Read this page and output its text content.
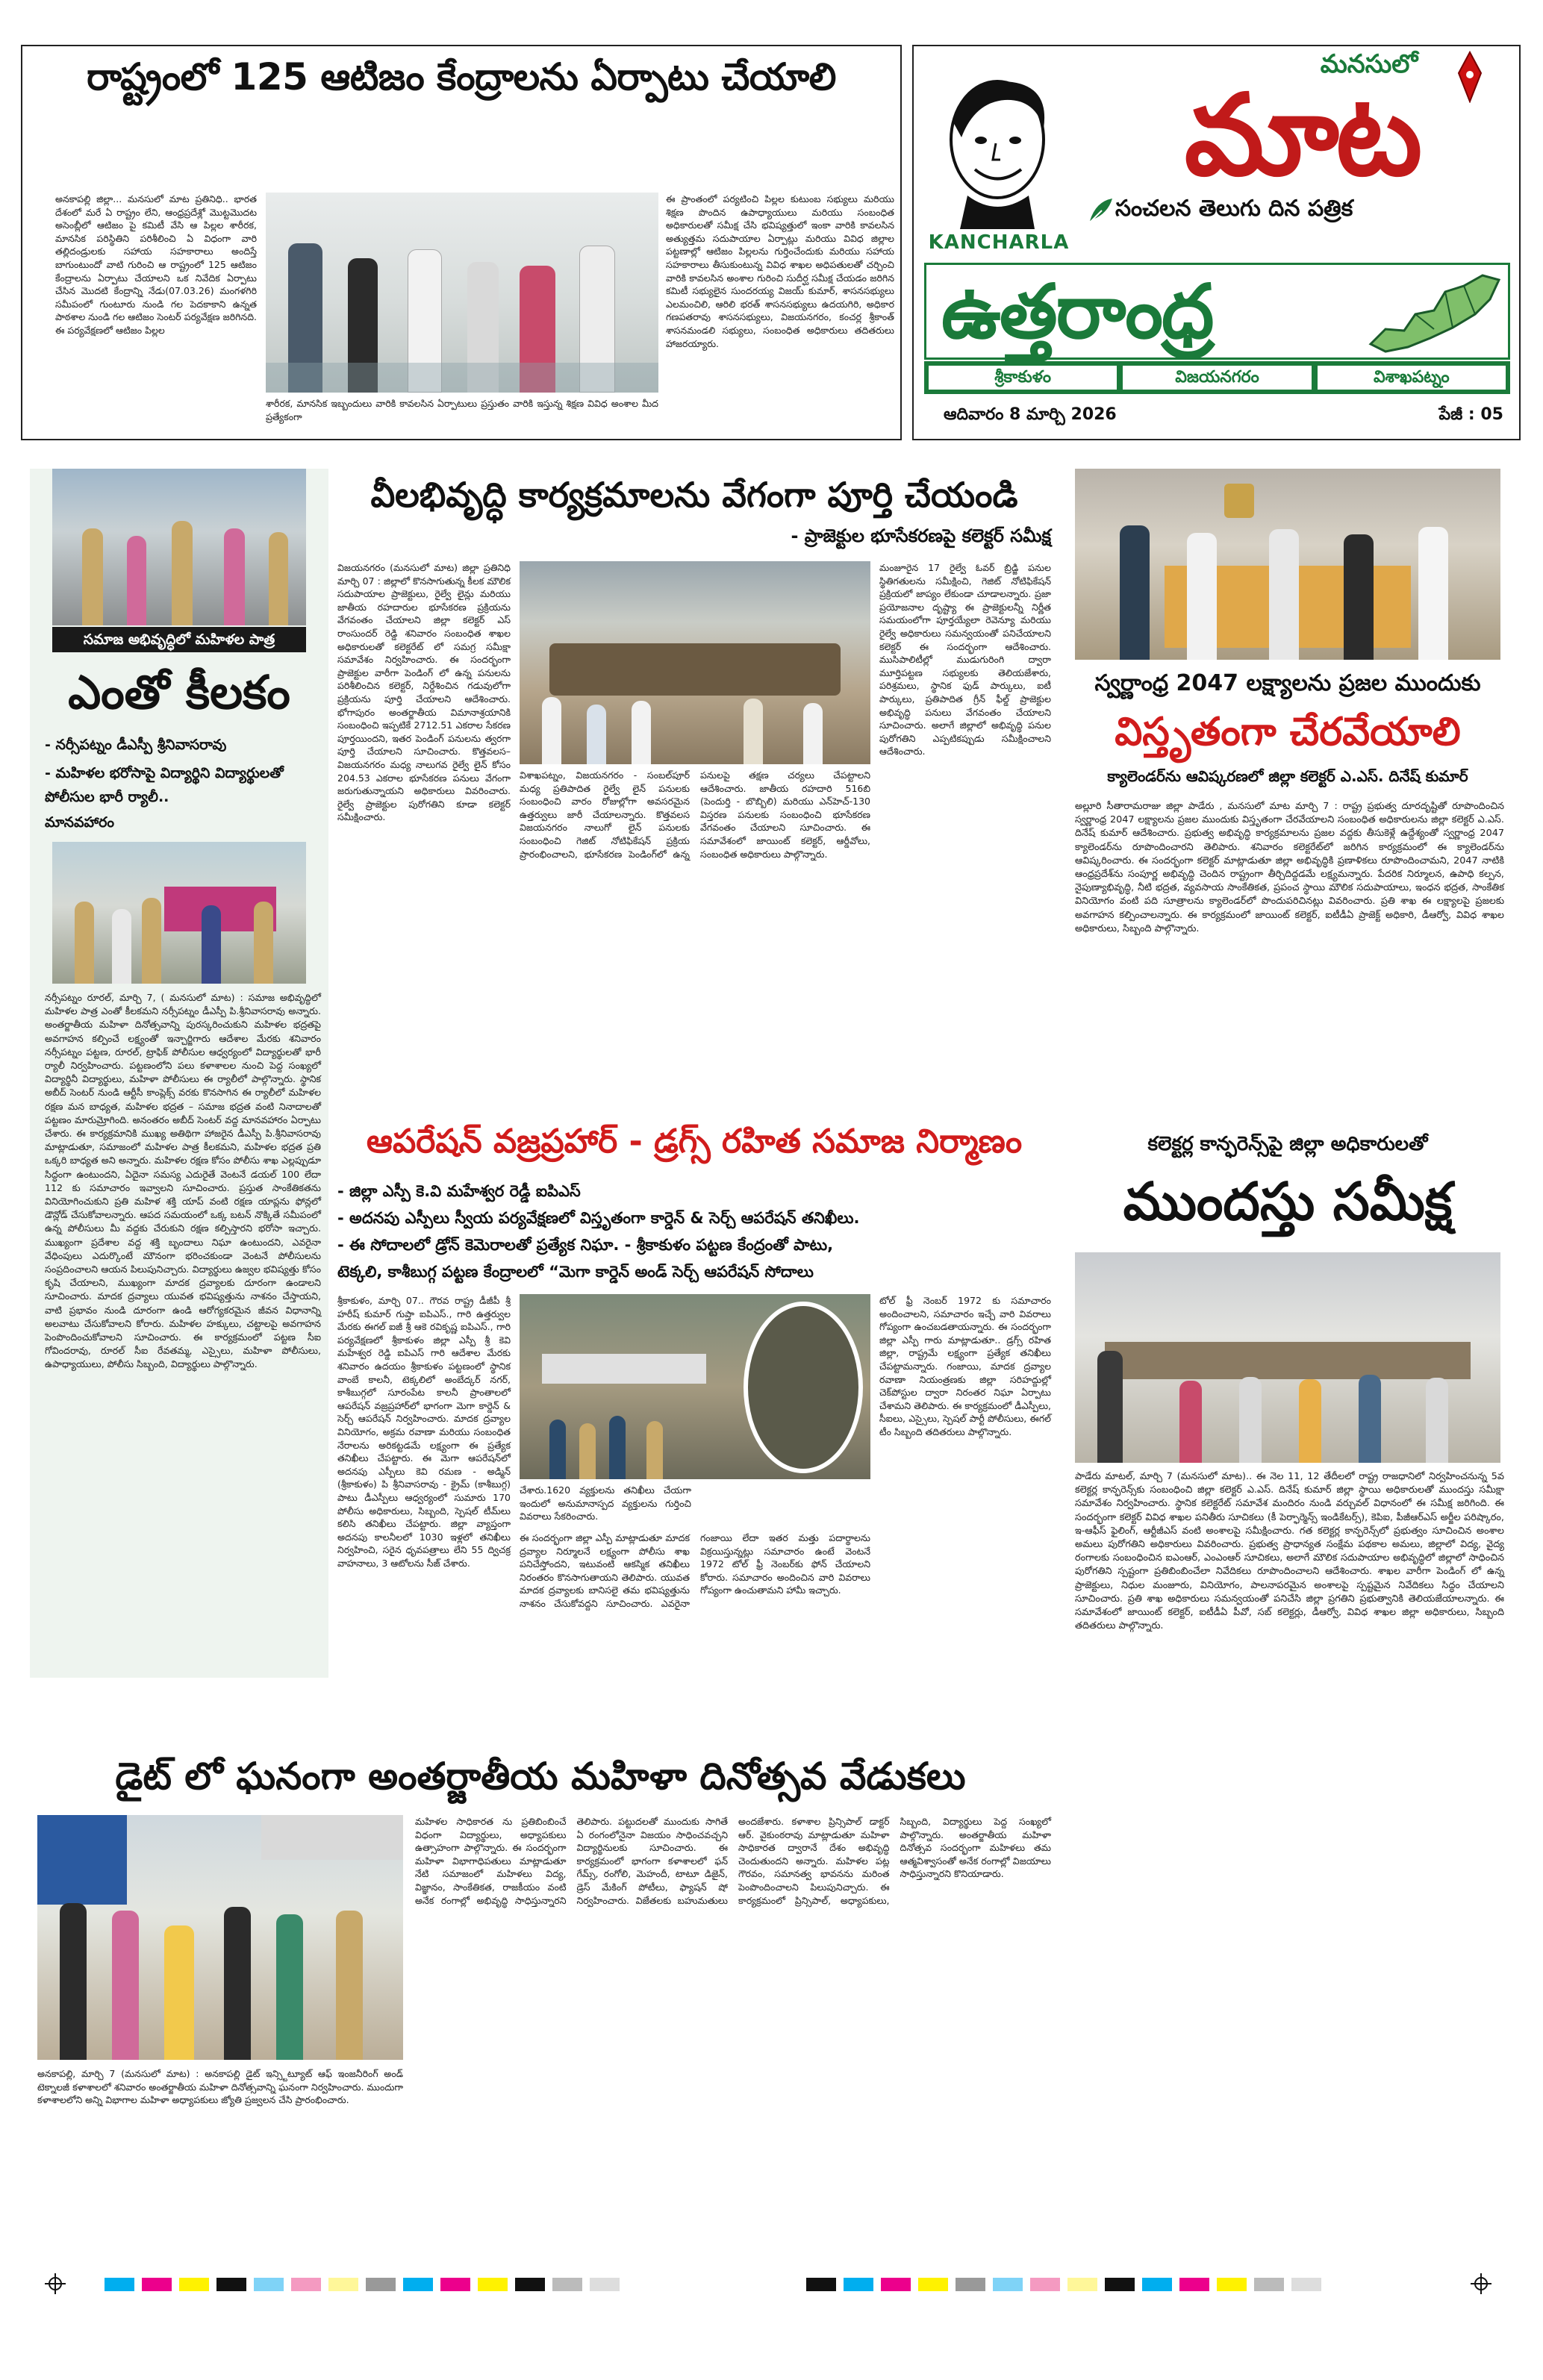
రాష్ట్రంలో 125 ఆటిజం కేంద్రాలను ఏర్పాటు చేయాలి
అనకాపల్లి జిల్లా... మనసులో మాట ప్రతినిధి.. భారత దేశంలో మరే ఏ రాష్ట్రం లేని, ఆంధ్రప్రదేశ్లో మొట్టమొదట అసెంబ్లీలో ఆటిజం పై కమిటీ వేసి ఆ పిల్లల శారీరక, మానసిక పరిస్థితిని పరిశీలించి ఏ విధంగా వారి తల్లిదండ్రులకు సహాయ సహకారాలు అందిస్తే బాగుంటుందో వాటి గురించి ఆ రాష్ట్రంలో 125 ఆటిజం కేంద్రాలను ఏర్పాటు చేయాలని ఒక నివేదిక ఏర్పాటు చేసిన మొదటి కేంద్రాన్ని నేడు(07.03.26) మంగళగిరి సమీపంలో గుంటూరు నుండి గల పెదకాకాని ఉన్నత పాఠశాల నుండి గల ఆటిజం సెంటర్ పర్యవేక్షణ జరిగినది. ఈ పర్యవేక్షణలో ఆటిజం పిల్లల
శారీరక, మానసిక ఇబ్బందులు వారికి కావలసిన ఏర్పాటులు ప్రస్తుతం వారికి ఇస్తున్న శిక్షణ వివిధ అంశాల మీద ప్రత్యేకంగా
ఈ ప్రాంతంలో పర్యటించి పిల్లల కుటుంబ సభ్యులు మరియు శిక్షణ పొందిన ఉపాధ్యాయులు మరియు సంబంధిత అధికారులతో సమీక్ష చేసి భవిష్యత్తులో ఇంకా వారికి కావలసిన అత్యుత్తమ సదుపాయాల ఏర్పాట్లు మరియు వివిధ జిల్లాల పట్టణాల్లో ఆటిజం పిల్లలను గుర్తించేందుకు మరియు సహాయ సహకారాలు తీసుకుంటున్న వివిధ శాఖల అధిపతులతో చర్చించి వారికి కావలసిన అంశాల గురించి సుదీర్ఘ సమీక్ష చేయడం జరిగిన కమిటీ సభ్యులైన సుందరయ్య విజయ్ కుమార్, శాసనసభ్యులు ఎలమంచిలి, ఆరిలి భరత్ శాసనసభ్యులు ఉదయగిరి, అధికార గణపతరావు శాసనసభ్యులు, విజయనగరం, కంచర్ల శ్రీకాంత్ శాసనమండలి సభ్యులు, సంబంధిత అధికారులు తదితరులు హాజరయ్యారు.
KANCHARLA
మనసులో
మాట
సంచలన తెలుగు దిన పత్రిక
ఉత్తరాంధ్ర
శ్రీకాకుళం	విజయనగరం	విశాఖపట్నం
ఆదివారం 8 మార్చి 2026	పేజీ : 05
సమాజ అభివృద్ధిలో మహిళల పాత్ర
ఎంతో కీలకం
- నర్సీపట్నం డీఎస్పీ శ్రీనివాసరావు
- మహిళల భరోసాపై విద్యార్థిని విద్యార్థులతో పోలీసుల భారీ ర్యాలీ..
మానవహారం
నర్సీపట్నం రూరల్, మార్చి 7, ( మనసులో మాట) : సమాజ అభివృద్ధిలో మహిళల పాత్ర ఎంతో కీలకమని నర్సీపట్నం డీఎస్పీ పి.శ్రీనివాసరావు అన్నారు. అంతర్జాతీయ మహిళా దినోత్సవాన్ని పురస్కరించుకుని మహిళల భద్రతపై అవగాహన కల్పించే లక్ష్యంతో ఇన్చార్జిగారు ఆదేశాల మేరకు శనివారం నర్సీపట్నం పట్టణ, రూరల్, ట్రాఫిక్ పోలీసుల ఆధ్వర్యంలో విద్యార్థులతో భారీ ర్యాలీ నిర్వహించారు. పట్టణంలోని పలు కళాశాలల నుంచి పెద్ద సంఖ్యలో విద్యార్థినీ విద్యార్థులు, మహిళా పోలీసులు ఈ ర్యాలీలో పాల్గొన్నారు. స్థానిక అబీద్ సెంటర్ నుండి ఆర్టీసీ కాంప్లెక్స్ వరకు కొనసాగిన ఈ ర్యాలీలో మహిళల రక్షణ మన బాధ్యత, మహిళల భద్రత – సమాజ భద్రత వంటి నినాదాలతో పట్టణం మారుమ్రోగింది. అనంతరం అబీద్ సెంటర్ వద్ద మానవహారం ఏర్పాటు చేశారు. ఈ కార్యక్రమానికి ముఖ్య అతిథిగా హాజరైన డీఎస్పీ పి.శ్రీనివాసరావు మాట్లాడుతూ, సమాజంలో మహిళల పాత్ర కీలకమని, మహిళల భద్రత ప్రతి ఒక్కరి బాధ్యత అని అన్నారు. మహిళల రక్షణ కోసం పోలీసు శాఖ ఎల్లప్పుడూ సిద్ధంగా ఉంటుందని, ఏదైనా సమస్య ఎదురైతే వెంటనే డయల్ 100 లేదా 112 కు సమాచారం ఇవ్వాలని సూచించారు. ప్రస్తుత సాంకేతికతను వినియోగించుకుని ప్రతి మహిళ శక్తి యాప్ వంటి రక్షణ యాప్లను ఫోన్లలో డౌన్లోడ్ చేసుకోవాలన్నారు. ఆపద సమయంలో ఒక్క బటన్ నొక్కితే సమీపంలో ఉన్న పోలీసులు మీ వద్దకు చేరుకుని రక్షణ కల్పిస్తారని భరోసా ఇచ్చారు. ముఖ్యంగా ప్రదేశాల వద్ద శక్తి బృందాలు నిఘా ఉంటుందని, ఎవరైనా వేధింపులు ఎదుర్కొంటే మౌనంగా భరించకుండా వెంటనే పోలీసులను సంప్రదించాలని ఆయన పిలుపునిచ్చారు. విద్యార్థులు ఉజ్వల భవిష్యత్తు కోసం కృషి చేయాలని, ముఖ్యంగా మాదక ద్రవ్యాలకు దూరంగా ఉండాలని సూచించారు. మాదక ద్రవ్యాలు యువత భవిష్యత్తును నాశనం చేస్తాయని, వాటి ప్రభావం నుండి దూరంగా ఉండి ఆరోగ్యకరమైన జీవన విధానాన్ని అలవాటు చేసుకోవాలని కోరారు. మహిళల హక్కులు, చట్టాలపై అవగాహన పెంపొందించుకోవాలని సూచించారు. ఈ కార్యక్రమంలో పట్టణ సీఐ గోవిందరావు, రూరల్ సీఐ రేవతమ్మ, ఎస్సైలు, మహిళా పోలీసులు, ఉపాధ్యాయులు, పోలీసు సిబ్బంది, విద్యార్థులు పాల్గొన్నారు.
వీలభివృద్ధి కార్యక్రమాలను వేగంగా పూర్తి చేయండి
- ప్రాజెక్టుల భూసేకరణపై కలెక్టర్ సమీక్ష
విజయనగరం (మనసులో మాట) జిల్లా ప్రతినిధి మార్చి 07 : జిల్లాలో కొనసాగుతున్న కీలక మౌలిక సదుపాయాల ప్రాజెక్టులు, రైల్వే లైన్లు మరియు జాతీయ రహదారుల భూసేకరణ ప్రక్రియను వేగవంతం చేయాలని జిల్లా కలెక్టర్ ఎస్ రాంసుందర్ రెడ్డి శనివారం సంబంధిత శాఖల అధికారులతో కలెక్టరేట్ లో సమగ్ర సమీక్షా సమావేశం నిర్వహించారు. ఈ సందర్భంగా ప్రాజెక్టుల వారీగా పెండింగ్ లో ఉన్న పనులను పరిశీలించిన కలెక్టర్, నిర్దేశించిన గడువులోగా ప్రక్రియను పూర్తి చేయాలని ఆదేశించారు. భోగాపురం అంతర్జాతీయ విమానాశ్రయానికి సంబంధించి ఇప్పటికే 2712.51 ఎకరాల సేకరణ పూర్తయిందని, ఇతర పెండింగ్ పనులను త్వరగా పూర్తి చేయాలని సూచించారు. కొత్తవలస–విజయనగరం మధ్య నాలుగవ రైల్వే లైన్ కోసం 204.53 ఎకరాల భూసేకరణ పనులు వేగంగా జరుగుతున్నాయని అధికారులు వివరించారు. రైల్వే ప్రాజెక్టుల పురోగతిని కూడా కలెక్టర్ సమీక్షించారు.
విశాఖపట్నం, విజయనగరం - సంబల్‌పూర్ మధ్య ప్రతిపాదిత రైల్వే లైన్ పనులకు సంబంధించి వారం రోజుల్లోగా అవసరమైన ఉత్తర్వులు జారీ చేయాలన్నారు. కొత్తవలస విజయనగరం నాలుగో లైన్ పనులకు సంబంధించి గెజిట్ నోటిఫికేషన్ ప్రక్రియ ప్రారంభించాలని, భూసేకరణ పెండింగ్‌లో ఉన్న పనులపై తక్షణ చర్యలు చేపట్టాలని ఆదేశించారు. జాతీయ రహదారి 516బి (పెందుర్తి - బొబ్బిలి) మరియు ఎన్‌హెచ్-130 విస్తరణ పనులకు సంబంధించి భూసేకరణ వేగవంతం చేయాలని సూచించారు. ఈ సమావేశంలో జాయింట్ కలెక్టర్, ఆర్డీవోలు, సంబంధిత అధికారులు పాల్గొన్నారు.
మంజూరైన 17 రైల్వే ఓవర్ బ్రిడ్జి పనుల స్థితిగతులను సమీక్షించి, గెజిట్ నోటిఫికేషన్ ప్రక్రియలో జాప్యం లేకుండా చూడాలన్నారు. ప్రజా ప్రయోజనాల దృష్ట్యా ఈ ప్రాజెక్టులన్నీ నిర్ణీత సమయంలోగా పూర్తయ్యేలా రెవెన్యూ మరియు రైల్వే అధికారులు సమన్వయంతో పనిచేయాలని కలెక్టర్ ఈ సందర్భంగా ఆదేశించారు. ముసిపాలిటీల్లో ముడుగురింగి ద్వారా మూర్తిపట్టణ సభ్యులకు తెలియజేశారు, పరిశ్రమలు, స్థానిక ఫుడ్ పార్కులు, ఐటీ పార్కులు, ప్రతిపాదిత గ్రీన్ ఫీల్డ్ ప్రాజెక్టుల అభివృద్ధి పనులు వేగవంతం చేయాలని సూచించారు. అలాగే జిల్లాలో అభివృద్ధి పనుల పురోగతిని ఎప్పటికప్పుడు సమీక్షించాలని ఆదేశించారు.
స్వర్ణాంధ్ర 2047 లక్ష్యాలను ప్రజల ముందుకు
విస్తృతంగా చేరవేయాలి
క్యాలెండర్‌ను ఆవిష్కరణలో జిల్లా కలెక్టర్ ఎ.ఎస్. దినేష్ కుమార్
అల్లూరి సీతారామరాజు జిల్లా పాడేరు , మనసులో మాట మార్చి 7 : రాష్ట్ర ప్రభుత్వ దూరదృష్టితో రూపొందించిన స్వర్ణాంధ్ర 2047 లక్ష్యాలను ప్రజల ముందుకు విస్తృతంగా చేరవేయాలని సంబంధిత అధికారులను జిల్లా కలెక్టర్ ఎ.ఎస్. దినేష్ కుమార్ ఆదేశించారు. ప్రభుత్వ అభివృద్ధి కార్యక్రమాలను ప్రజల వద్దకు తీసుకెళ్లే ఉద్దేశ్యంతో స్వర్ణాంధ్ర 2047 క్యాలెండర్‌ను రూపొందించారని తెలిపారు. శనివారం కలెక్టరేట్‌లో జరిగిన కార్యక్రమంలో ఈ క్యాలెండర్‌ను ఆవిష్కరించారు. ఈ సందర్భంగా కలెక్టర్ మాట్లాడుతూ జిల్లా అభివృద్ధికి ప్రణాళికలు రూపొందించామని, 2047 నాటికి ఆంధ్రప్రదేశ్‌ను సంపూర్ణ అభివృద్ధి చెందిన రాష్ట్రంగా తీర్చిదిద్దడమే లక్ష్యమన్నారు. పేదరిక నిర్మూలన, ఉపాధి కల్పన, నైపుణ్యాభివృద్ధి, నీటి భద్రత, వ్యవసాయ సాంకేతికత, ప్రపంచ స్థాయి మౌలిక సదుపాయాలు, ఇంధన భద్రత, సాంకేతిక వినియోగం వంటి పది సూత్రాలను క్యాలెండర్‌లో పొందుపరిచినట్లు వివరించారు. ప్రతి శాఖ ఈ లక్ష్యాలపై ప్రజలకు అవగాహన కల్పించాలన్నారు. ఈ కార్యక్రమంలో జాయింట్ కలెక్టర్, ఐటీడీఏ ప్రాజెక్ట్ అధికారి, డీఆర్వో, వివిధ శాఖల అధికారులు, సిబ్బంది పాల్గొన్నారు.
ఆపరేషన్ వజ్రప్రహార్ - డ్రగ్స్ రహిత సమాజ నిర్మాణం
- జిల్లా ఎస్పీ కె.వి మహేశ్వర రెడ్డీ ఐపిఎస్
- అదనపు ఎస్పీలు స్వీయ పర్యవేక్షణలో విస్తృతంగా కార్డెన్ & సెర్చ్ ఆపరేషన్ తనిఖీలు.
- ఈ సోదాలలో డ్రోన్ కెమెరాలతో ప్రత్యేక నిఘా. - శ్రీకాకుళం పట్టణ కేంద్రంతో పాటు,
టెక్కలి, కాశీబుగ్గ పట్టణ కేంద్రాలలో “మెగా కార్డెన్ అండ్ సెర్చ్ ఆపరేషన్ సోదాలు
శ్రీకాకుళం, మార్చి 07.. గౌరవ రాష్ట్ర డీజీపీ శ్రీ హరీష్ కుమార్ గుప్తా ఐపిఎస్., గారి ఉత్తర్వుల మేరకు ఈగల్ ఐజీ శ్రీ ఆకె రవికృష్ణ ఐపిఎస్., గారి పర్యవేక్షణలో శ్రీకాకుళం జిల్లా ఎస్పీ శ్రీ కెవి మహేశ్వర రెడ్డి ఐపిఎస్ గారి ఆదేశాల మేరకు శనివారం ఉదయం శ్రీకాకుళం పట్టణంలో స్థానిక వాంబే కాలనీ, టెక్కలిలో అంబేద్కర్ నగర్, కాశీబుగ్గలో సూరంపేట కాలనీ ప్రాంతాలలో ఆపరేషన్ వజ్రప్రహార్‌లో భాగంగా మెగా కార్డెన్ & సెర్చ్ ఆపరేషన్ నిర్వహించారు. మాదక ద్రవ్యాల వినియోగం, అక్రమ రవాణా మరియు సంబంధిత నేరాలను అరికట్టడమే లక్ష్యంగా ఈ ప్రత్యేక తనిఖీలు చేపట్టారు. ఈ మెగా ఆపరేషన్‌లో అదనపు ఎస్పీలు కెవి రమణ - అడ్మిన్ (శ్రీకాకుళం) పి శ్రీనివాసరావు - క్రైమ్ (కాశీబుగ్గ) పాటు డీఎస్పీలు ఆధ్వర్యంలో సుమారు 170 పోలీసు అధికారులు, సిబ్బంది, స్పెషల్ టీమ్‌లు కలిసి తనిఖీలు చేపట్టారు. జిల్లా వ్యాప్తంగా అదనపు కాలనీలలో 1030 ఇళ్లలో తనిఖీలు నిర్వహించి, సరైన ధృవపత్రాలు లేని 55 ద్విచక్ర వాహనాలు, 3 ఆటోలను సీజ్ చేశారు.
చేశారు.1620 వ్యక్తులను తనిఖీలు చేయగా ఇందులో అనుమానాస్పద వ్యక్తులను గుర్తించి వివరాలు సేకరించారు.
ఈ సందర్భంగా జిల్లా ఎస్పీ మాట్లాడుతూ మాదక ద్రవ్యాల నిర్మూలనే లక్ష్యంగా పోలీసు శాఖ పనిచేస్తోందని, ఇటువంటి ఆకస్మిక తనిఖీలు నిరంతరం కొనసాగుతాయని తెలిపారు. యువత మాదక ద్రవ్యాలకు బానిసలై తమ భవిష్యత్తును నాశనం చేసుకోవద్దని సూచించారు. ఎవరైనా గంజాయి లేదా ఇతర మత్తు పదార్థాలను విక్రయిస్తున్నట్లు సమాచారం ఉంటే వెంటనే 1972 టోల్ ఫ్రీ నెంబర్‌కు ఫోన్ చేయాలని కోరారు. సమాచారం అందించిన వారి వివరాలు గోప్యంగా ఉంచుతామని హామీ ఇచ్చారు.
టోల్ ఫ్రీ నెంబర్ 1972 కు సమాచారం అందించాలని, సమాచారం ఇచ్చే వారి వివరాలు గోప్యంగా ఉంచబడతాయన్నారు. ఈ సందర్భంగా జిల్లా ఎస్పీ గారు మాట్లాడుతూ.. డ్రగ్స్ రహిత జిల్లా, రాష్ట్రమే లక్ష్యంగా ప్రత్యేక తనిఖీలు చేపట్టామన్నారు. గంజాయి, మాదక ద్రవ్యాల రవాణా నియంత్రణకు జిల్లా సరిహద్దుల్లో చెక్‌పోస్టుల ద్వారా నిరంతర నిఘా ఏర్పాటు చేశామని తెలిపారు. ఈ కార్యక్రమంలో డీఎస్పీలు, సీఐలు, ఎస్సైలు, స్పెషల్ పార్టీ పోలీసులు, ఈగల్ టీం సిబ్బంది తదితరులు పాల్గొన్నారు.
కలెక్టర్ల కాన్ఫరెన్స్‌పై జిల్లా అధికారులతో
ముందస్తు సమీక్ష
పాడేరు మాటల్, మార్చి 7 (మనసులో మాట).. ఈ నెల 11, 12 తేదీలలో రాష్ట్ర రాజధానిలో నిర్వహించనున్న 5వ కలెక్టర్ల కాన్ఫరెన్స్‌కు సంబంధించి జిల్లా కలెక్టర్ ఎ.ఎస్. దినేష్ కుమార్ జిల్లా స్థాయి అధికారులతో ముందస్తు సమీక్షా సమావేశం నిర్వహించారు. స్థానిక కలెక్టరేట్ సమావేశ మందిరం నుండి వర్చువల్ విధానంలో ఈ సమీక్ష జరిగింది. ఈ సందర్భంగా కలెక్టర్ వివిధ శాఖల పనితీరు సూచికలు (కీ పెర్ఫార్మెన్స్ ఇండికేటర్స్), కెపిఐ, పీజీఆర్ఎస్ అర్జీల పరిష్కారం, ఇ-ఆఫీస్ ఫైలింగ్, ఆర్టీజీఎస్ వంటి అంశాలపై సమీక్షించారు. గత కలెక్టర్ల కాన్ఫరెన్స్‌లో ప్రభుత్వం సూచించిన అంశాల అమలు పురోగతిని అధికారులు వివరించారు. ప్రభుత్వ ప్రాధాన్యత సంక్షేమ పథకాల అమలు, జిల్లాలో విద్య, వైద్య రంగాలకు సంబంధించిన ఐఎంఆర్, ఎంఎంఆర్ సూచికలు, అలాగే మౌలిక సదుపాయాల అభివృద్ధిలో జిల్లాలో సాధించిన పురోగతిని స్పష్టంగా ప్రతిబింబించేలా నివేదికలు రూపొందించాలని ఆదేశించారు. శాఖల వారీగా పెండింగ్ లో ఉన్న ప్రాజెక్టులు, నిధుల మంజూరు, వినియోగం, పాలనాపరమైన అంశాలపై స్పష్టమైన నివేదికలు సిద్ధం చేయాలని సూచించారు. ప్రతి శాఖ అధికారులు సమన్వయంతో పనిచేసి జిల్లా ప్రగతిని ప్రభుత్వానికి తెలియజేయాలన్నారు. ఈ సమావేశంలో జాయింట్ కలెక్టర్, ఐటీడీఏ పీవో, సబ్ కలెక్టర్లు, డీఆర్వో, వివిధ శాఖల జిల్లా అధికారులు, సిబ్బంది తదితరులు పాల్గొన్నారు.
డైట్ లో ఘనంగా అంతర్జాతీయ మహిళా దినోత్సవ వేడుకలు
అనకాపల్లి, మార్చి 7 (మనసులో మాట) : అనకాపల్లి డైట్ ఇన్స్టిట్యూట్ ఆఫ్ ఇంజనీరింగ్ అండ్ టెక్నాలజీ కళాశాలలో శనివారం అంతర్జాతీయ మహిళా దినోత్సవాన్ని ఘనంగా నిర్వహించారు. ముందుగా కళాశాలలోని అన్ని విభాగాల మహిళా అధ్యాపకులు జ్యోతి ప్రజ్వలన చేసి ప్రారంభించారు.
మహిళల సాధికారత ను ప్రతిబింబించే విధంగా విద్యార్థులు, అధ్యాపకులు ఉత్సాహంగా పాల్గొన్నారు. ఈ సందర్భంగా మహిళా విభాగాధిపతులు మాట్లాడుతూ నేటి సమాజంలో మహిళలు విద్య, విజ్ఞానం, సాంకేతికత, రాజకీయం వంటి అనేక రంగాల్లో అభివృద్ధి సాధిస్తున్నారని తెలిపారు. పట్టుదలతో ముందుకు సాగితే ఏ రంగంలోనైనా విజయం సాధించవచ్చని విద్యార్థినులకు సూచించారు. ఈ కార్యక్రమంలో భాగంగా కళాశాలలో ఫన్ గేమ్స్, రంగోలి, మెహందీ, టాటూ డిజైన్, డ్రెస్ మేకింగ్ పోటీలు, ఫ్యాషన్ షో నిర్వహించారు. విజేతలకు బహుమతులు అందజేశారు. కళాశాల ప్రిన్సిపాల్ డాక్టర్ ఆర్. వైకుంఠరావు మాట్లాడుతూ మహిళా సాధికారత ద్వారానే దేశం అభివృద్ధి చెందుతుందని అన్నారు. మహిళల పట్ల గౌరవం, సమానత్వ భావనను మరింత పెంపొందించాలని పిలుపునిచ్చారు. ఈ కార్యక్రమంలో ప్రిన్సిపాల్, అధ్యాపకులు, సిబ్బంది, విద్యార్థులు పెద్ద సంఖ్యలో పాల్గొన్నారు. అంతర్జాతీయ మహిళా దినోత్సవ సందర్భంగా మహిళలు తమ ఆత్మవిశ్వాసంతో అనేక రంగాల్లో విజయాలు సాధిస్తున్నారని కొనియాడారు.
